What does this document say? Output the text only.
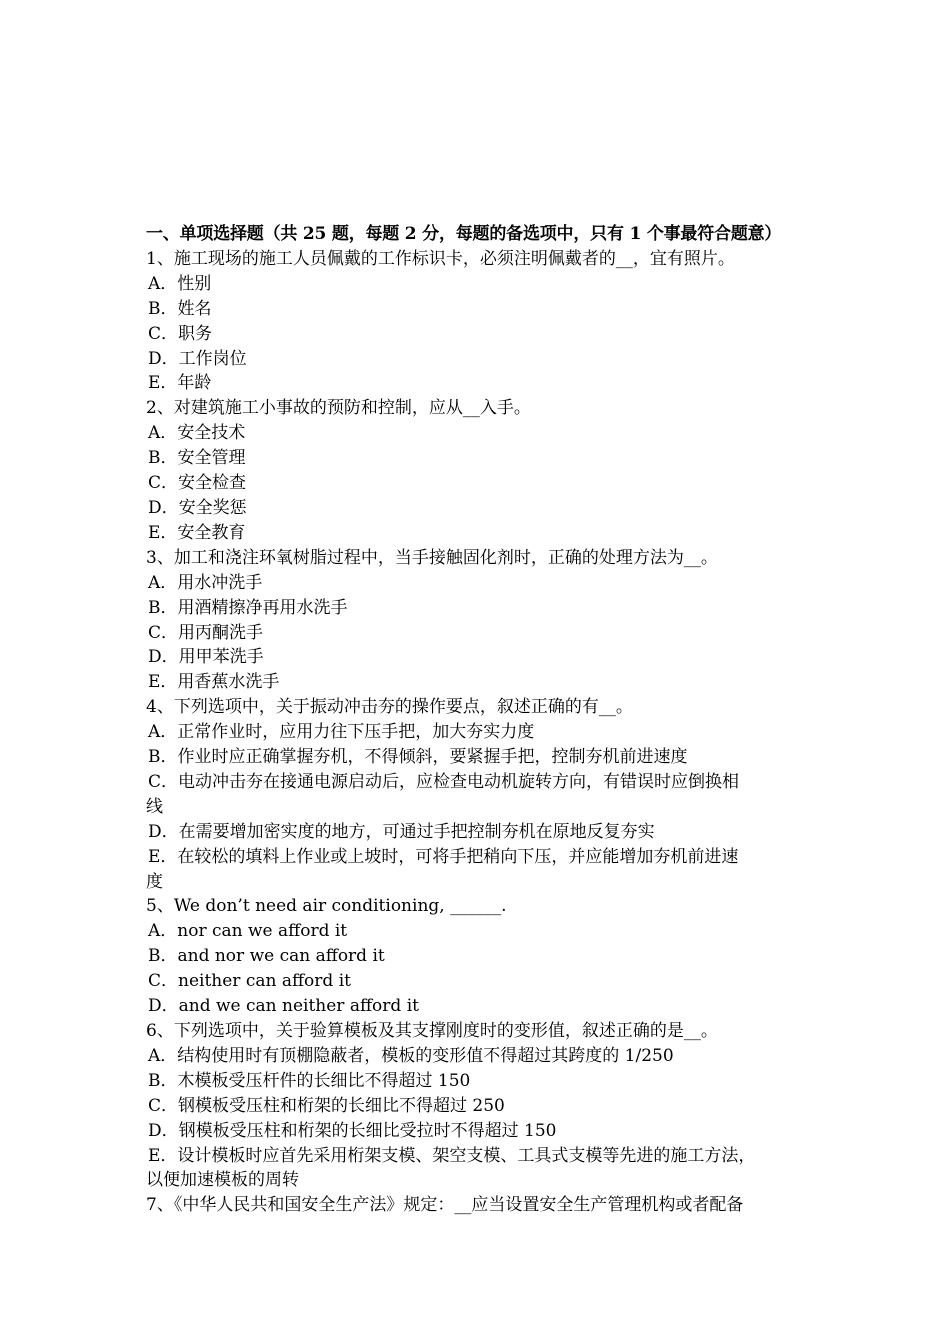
一、单项选择题（共 25 题，每题 2 分，每题的备选项中，只有 1 个事最符合题意）
1、施工现场的施工人员佩戴的工作标识卡，必须注明佩戴者的__，宜有照片。
A．性别
B．姓名
C．职务
D．工作岗位
E．年龄
2、对建筑施工小事故的预防和控制，应从__入手。
A．安全技术
B．安全管理
C．安全检查
D．安全奖惩
E．安全教育
3、加工和浇注环氧树脂过程中，当手接触固化剂时，正确的处理方法为__。
A．用水冲洗手
B．用酒精擦净再用水洗手
C．用丙酮洗手
D．用甲苯洗手
E．用香蕉水洗手
4、下列选项中，关于振动冲击夯的操作要点，叙述正确的有__。
A．正常作业时，应用力往下压手把，加大夯实力度
B．作业时应正确掌握夯机，不得倾斜，要紧握手把，控制夯机前进速度
C．电动冲击夯在接通电源启动后，应检查电动机旋转方向，有错误时应倒换相
线
D．在需要增加密实度的地方，可通过手把控制夯机在原地反复夯实
E．在较松的填料上作业或上坡时，可将手把稍向下压，并应能增加夯机前进速
度
5、We don’t need air conditioning, ______.
A．nor can we afford it
B．and nor we can afford it
C．neither can afford it
D．and we can neither afford it
6、下列选项中，关于验算模板及其支撑刚度时的变形值，叙述正确的是__。
A．结构使用时有顶棚隐蔽者，模板的变形值不得超过其跨度的 1/250
B．木模板受压杆件的长细比不得超过 150
C．钢模板受压柱和桁架的长细比不得超过 250
D．钢模板受压柱和桁架的长细比受拉时不得超过 150
E．设计模板时应首先采用桁架支模、架空支模、工具式支模等先进的施工方法，
以便加速模板的周转
7、《中华人民共和国安全生产法》规定：__应当设置安全生产管理机构或者配备
